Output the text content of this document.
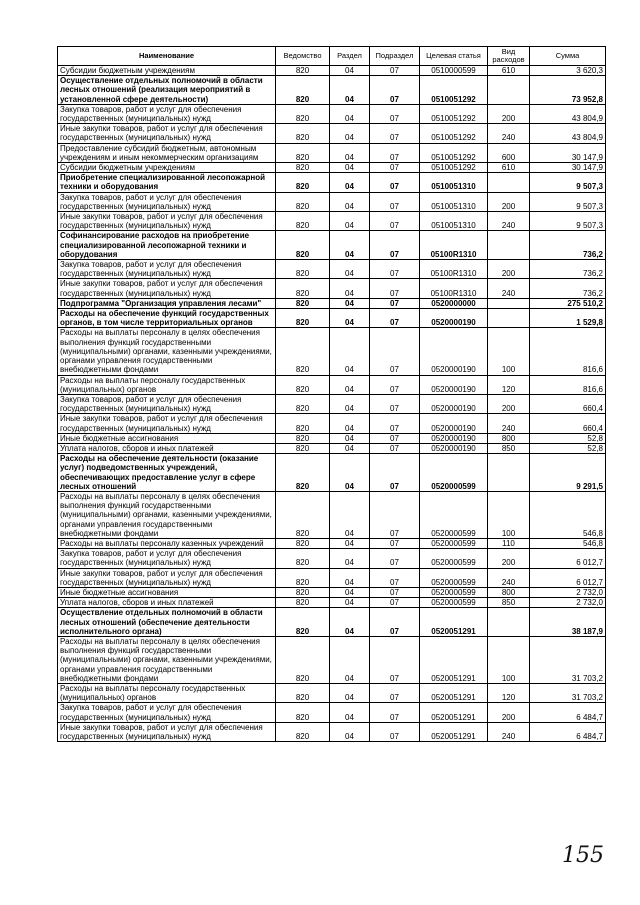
Наименование	Ведомство	Раздел	Подраздел	Целевая статья	Вид расходов	Сумма
Субсидии бюджетным учреждениям	820	04	07	0510000599	610	3 620,3
Осуществление отдельных полномочий в области лесных отношений (реализация мероприятий в установленной сфере деятельности)	820	04	07	0510051292		73 952,8
Закупка товаров, работ и услуг для обеспечения государственных (муниципальных) нужд	820	04	07	0510051292	200	43 804,9
Иные закупки товаров, работ и услуг для обеспечения государственных (муниципальных) нужд	820	04	07	0510051292	240	43 804,9
Предоставление субсидий бюджетным, автономным учреждениям и иным некоммерческим организациям	820	04	07	0510051292	600	30 147,9
Субсидии бюджетным учреждениям	820	04	07	0510051292	610	30 147,9
Приобретение специализированной лесопожарной техники и оборудования	820	04	07	0510051310		9 507,3
Закупка товаров, работ и услуг для обеспечения государственных (муниципальных) нужд	820	04	07	0510051310	200	9 507,3
Иные закупки товаров, работ и услуг для обеспечения государственных (муниципальных) нужд	820	04	07	0510051310	240	9 507,3
Софинансирование расходов на приобретение специализированной лесопожарной техники и оборудования	820	04	07	05100R1310		736,2
Закупка товаров, работ и услуг для обеспечения государственных (муниципальных) нужд	820	04	07	05100R1310	200	736,2
Иные закупки товаров, работ и услуг для обеспечения государственных (муниципальных) нужд	820	04	07	05100R1310	240	736,2
Подпрограмма "Организация управления лесами"	820	04	07	0520000000		275 510,2
Расходы на обеспечение функций государственных органов, в том числе территориальных органов	820	04	07	0520000190		1 529,8
Расходы на выплаты персоналу в целях обеспечения выполнения функций государственными (муниципальными) органами, казенными учреждениями, органами управления государственными внебюджетными фондами	820	04	07	0520000190	100	816,6
Расходы на выплаты персоналу государственных (муниципальных) органов	820	04	07	0520000190	120	816,6
Закупка товаров, работ и услуг для обеспечения государственных (муниципальных) нужд	820	04	07	0520000190	200	660,4
Иные закупки товаров, работ и услуг для обеспечения государственных (муниципальных) нужд	820	04	07	0520000190	240	660,4
Иные бюджетные ассигнования	820	04	07	0520000190	800	52,8
Уплата налогов, сборов и иных платежей	820	04	07	0520000190	850	52,8
Расходы на обеспечение деятельности (оказание услуг) подведомственных учреждений, обеспечивающих предоставление услуг в сфере лесных отношений	820	04	07	0520000599		9 291,5
Расходы на выплаты персоналу в целях обеспечения выполнения функций государственными (муниципальными) органами, казенными учреждениями, органами управления государственными внебюджетными фондами	820	04	07	0520000599	100	546,8
Расходы на выплаты персоналу казенных учреждений	820	04	07	0520000599	110	546,8
Закупка товаров, работ и услуг для обеспечения государственных (муниципальных) нужд	820	04	07	0520000599	200	6 012,7
Иные закупки товаров, работ и услуг для обеспечения государственных (муниципальных) нужд	820	04	07	0520000599	240	6 012,7
Иные бюджетные ассигнования	820	04	07	0520000599	800	2 732,0
Уплата налогов, сборов и иных платежей	820	04	07	0520000599	850	2 732,0
Осуществление отдельных полномочий в области лесных отношений (обеспечение деятельности исполнительного органа)	820	04	07	0520051291		38 187,9
Расходы на выплаты персоналу в целях обеспечения выполнения функций государственными (муниципальными) органами, казенными учреждениями, органами управления государственными внебюджетными фондами	820	04	07	0520051291	100	31 703,2
Расходы на выплаты персоналу государственных (муниципальных) органов	820	04	07	0520051291	120	31 703,2
Закупка товаров, работ и услуг для обеспечения государственных (муниципальных) нужд	820	04	07	0520051291	200	6 484,7
Иные закупки товаров, работ и услуг для обеспечения государственных (муниципальных) нужд	820	04	07	0520051291	240	6 484,7
155
